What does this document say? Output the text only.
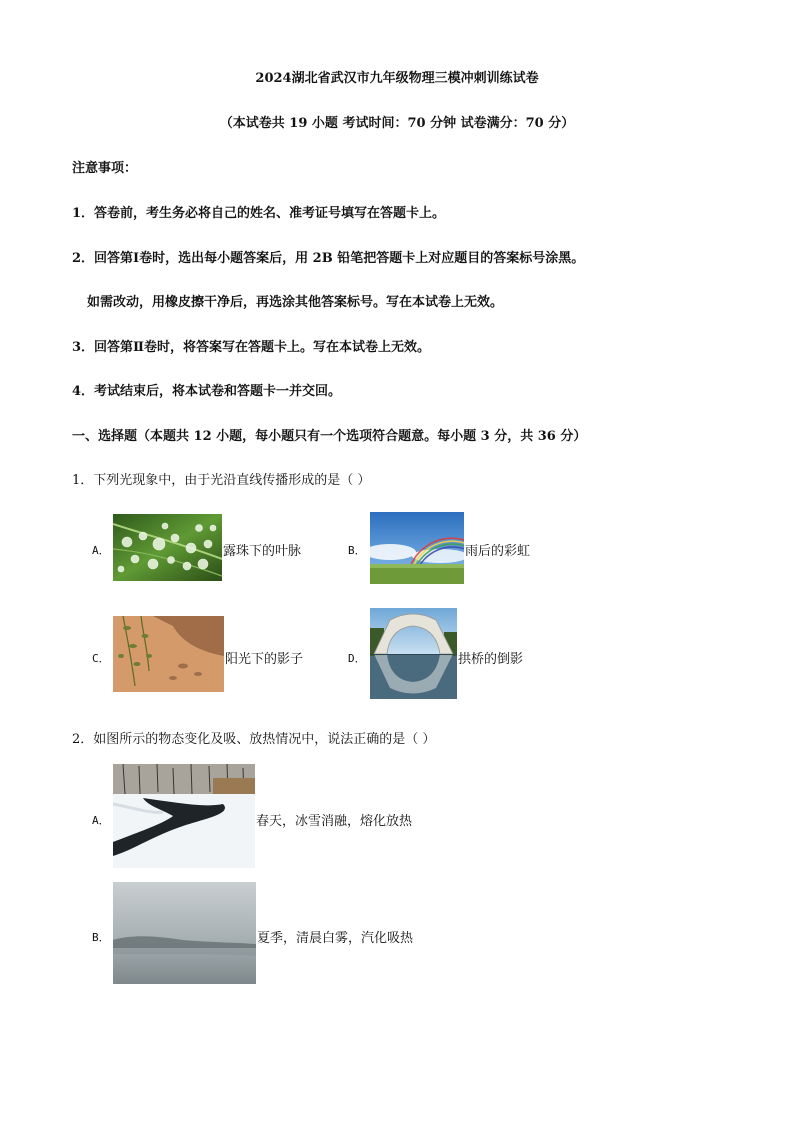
2024湖北省武汉市九年级物理三模冲刺训练试卷
（本试卷共 19 小题 考试时间：70 分钟 试卷满分：70 分）
注意事项：
1．答卷前，考生务必将自己的姓名、准考证号填写在答题卡上。
2．回答第Ⅰ卷时，选出每小题答案后，用 2B 铅笔把答题卡上对应题目的答案标号涂黑。
如需改动，用橡皮擦干净后，再选涂其他答案标号。写在本试卷上无效。
3．回答第Ⅱ卷时，将答案写在答题卡上。写在本试卷上无效。
4．考试结束后，将本试卷和答题卡一并交回。
一、选择题（本题共 12 小题，每小题只有一个选项符合题意。每小题 3 分，共 36 分）
1．下列光现象中，由于光沿直线传播形成的是（ ）
A．	露珠下的叶脉	B．	雨后的彩虹
C．	阳光下的影子	D．	拱桥的倒影
2．如图所示的物态变化及吸、放热情况中，说法正确的是（ ）
A．	春天，冰雪消融，熔化放热
B．	夏季，清晨白雾，汽化吸热
